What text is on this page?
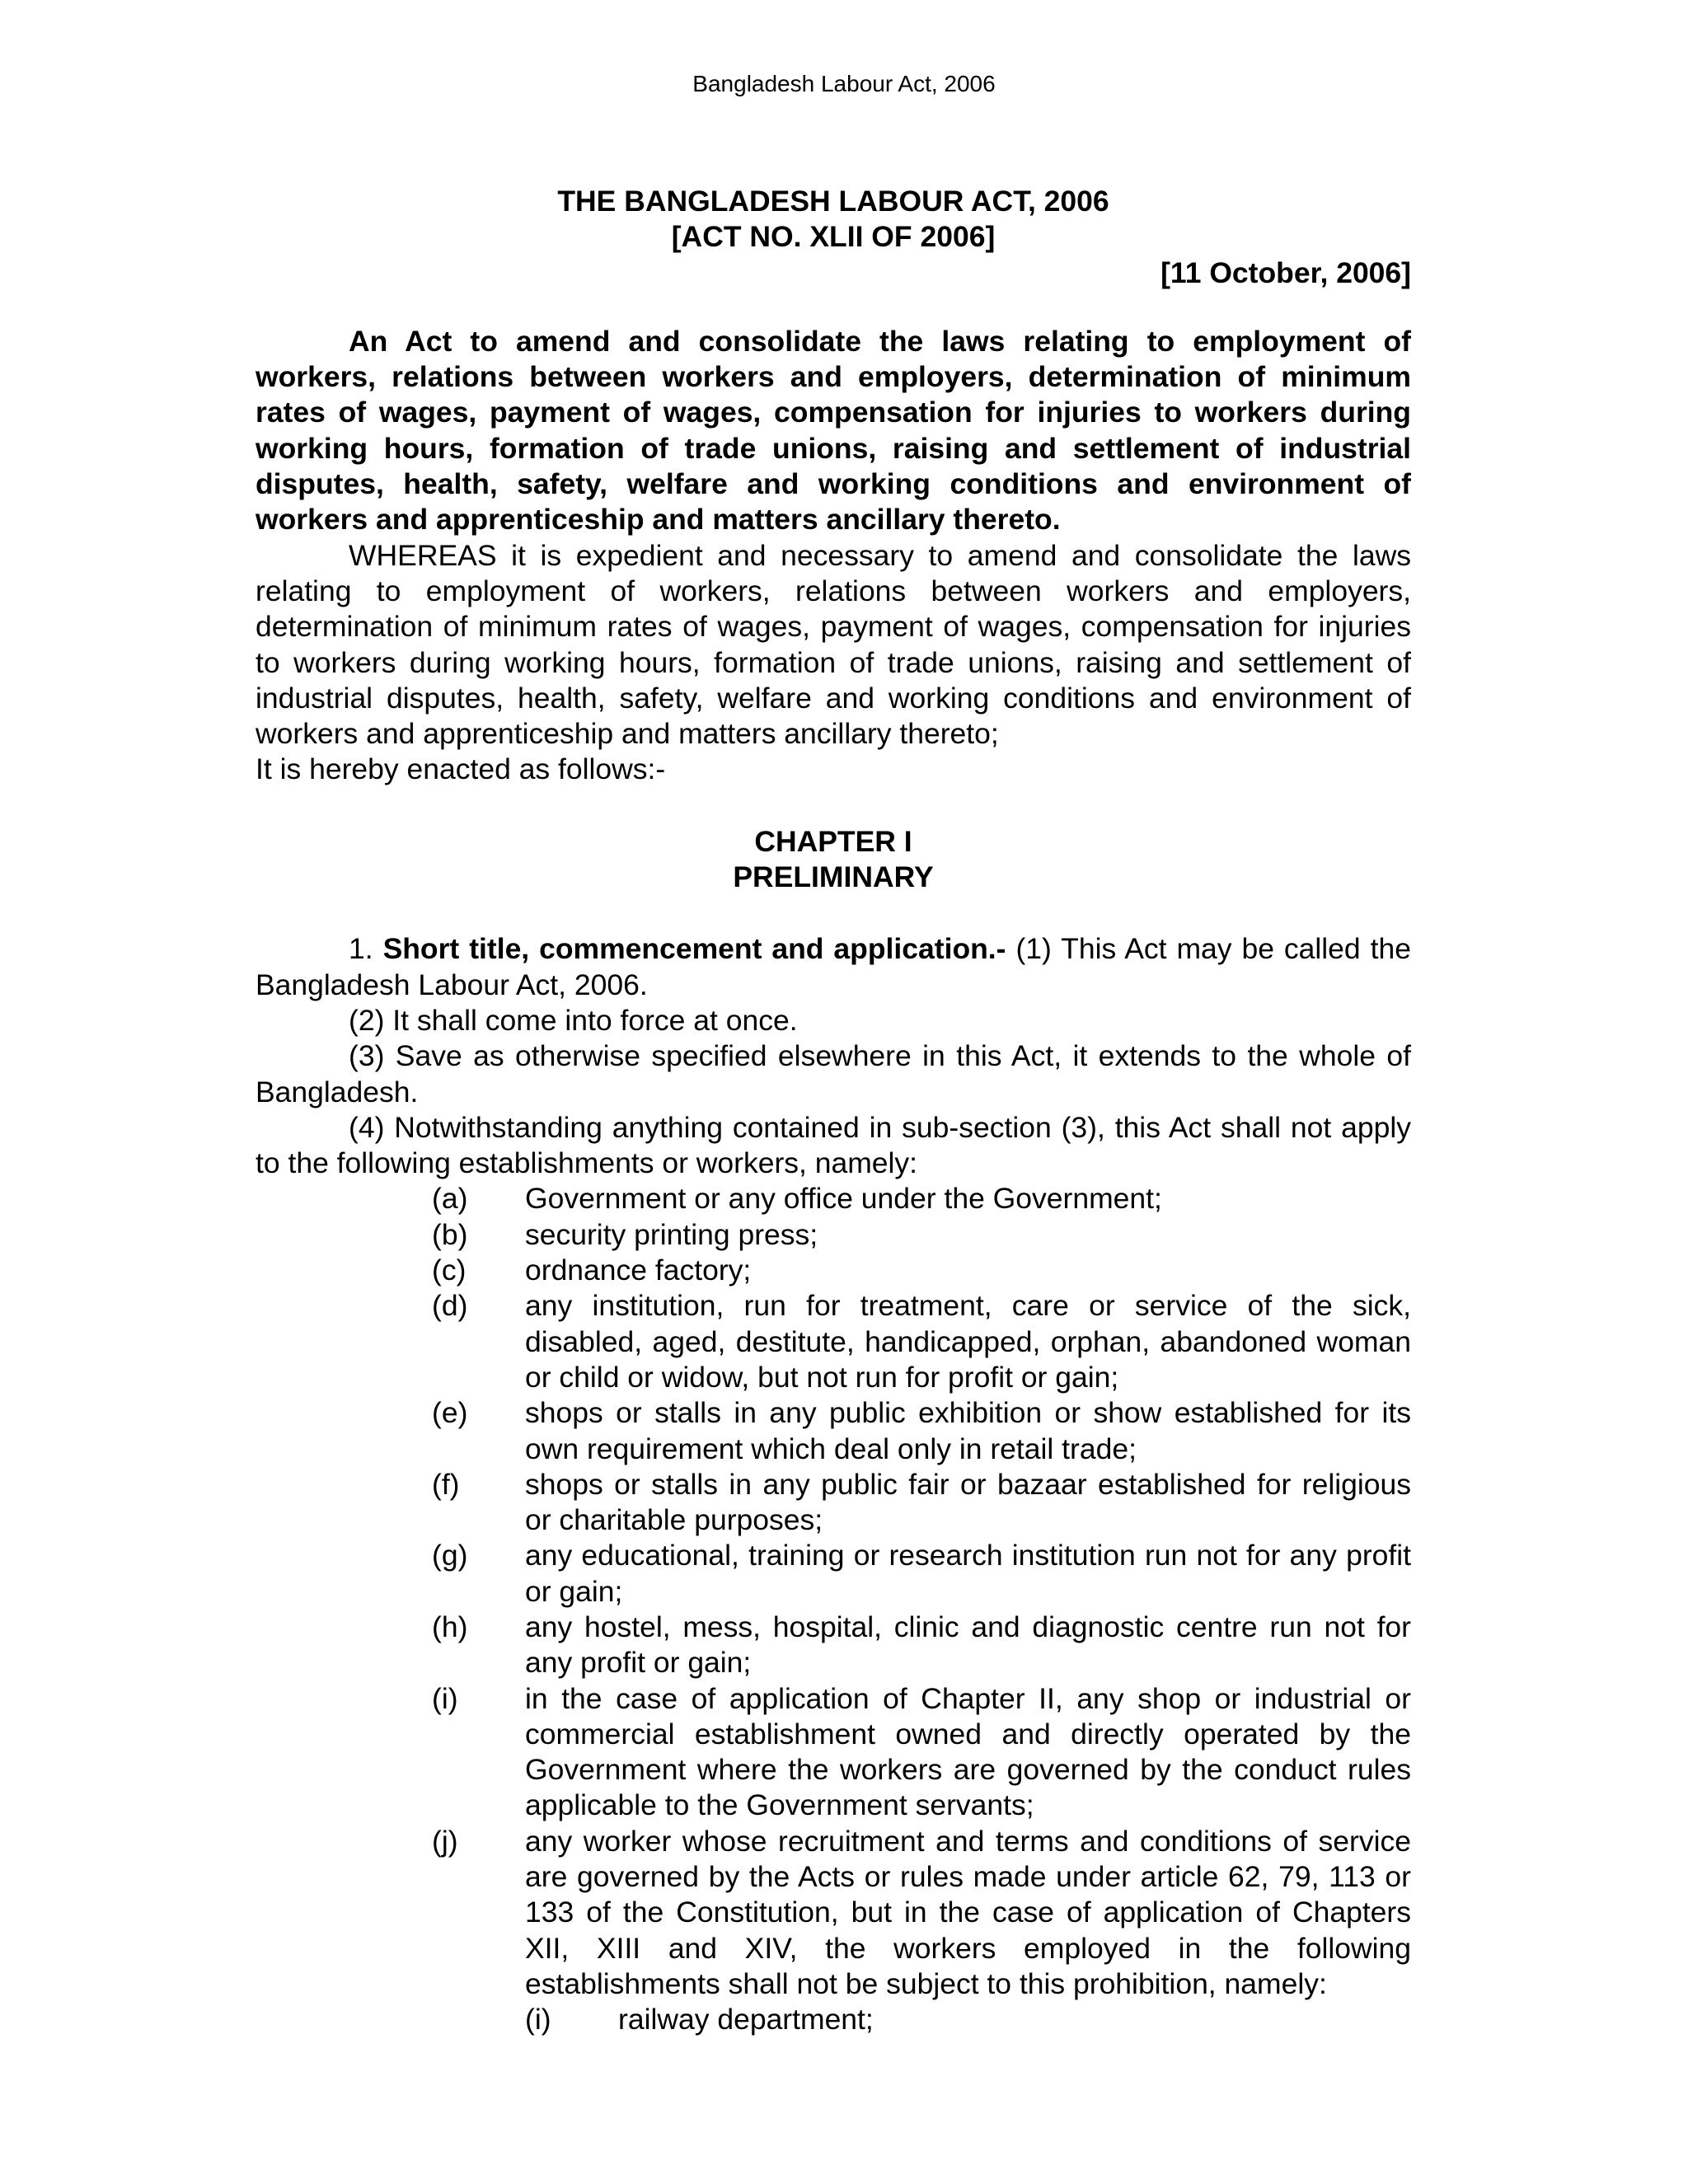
Bangladesh Labour Act, 2006

THE BANGLADESH LABOUR ACT, 2006

[ACT NO. XLII OF 2006]

[11 October, 2006]

An Act to amend and consolidate the laws relating to employment of workers, relations between workers and employers, determination of minimum rates of wages, payment of wages, compensation for injuries to workers during working hours, formation of trade unions, raising and settlement of industrial disputes, health, safety, welfare and working conditions and environment of workers and apprenticeship and matters ancillary thereto.

WHEREAS it is expedient and necessary to amend and consolidate the laws relating to employment of workers, relations between workers and employers, determination of minimum rates of wages, payment of wages, compensation for injuries to workers during working hours, formation of trade unions, raising and settlement of industrial disputes, health, safety, welfare and working conditions and environment of workers and apprenticeship and matters ancillary thereto;

It is hereby enacted as follows:-

CHAPTER I

PRELIMINARY

1. Short title, commencement and application.- (1) This Act may be called the Bangladesh Labour Act, 2006.

(2) It shall come into force at once.

(3) Save as otherwise specified elsewhere in this Act, it extends to the whole of Bangladesh.

(4) Notwithstanding anything contained in sub-section (3), this Act shall not apply to the following establishments or workers, namely:

(a)	Government or any office under the Government;
(b)	security printing press;
(c)	ordnance factory;
(d)	any institution, run for treatment, care or service of the sick, disabled, aged, destitute, handicapped, orphan, abandoned woman or child or widow, but not run for profit or gain;
(e)	shops or stalls in any public exhibition or show established for its own requirement which deal only in retail trade;
(f)	shops or stalls in any public fair or bazaar established for religious or charitable purposes;
(g)	any educational, training or research institution run not for any profit or gain;
(h)	any hostel, mess, hospital, clinic and diagnostic centre run not for any profit or gain;
(i)	in the case of application of Chapter II, any shop or industrial or commercial establishment owned and directly operated by the Government where the workers are governed by the conduct rules applicable to the Government servants;
(j)	any worker whose recruitment and terms and conditions of service are governed by the Acts or rules made under article 62, 79, 113 or 133 of the Constitution, but in the case of application of Chapters XII, XIII and XIV, the workers employed in the following establishments shall not be subject to this prohibition, namely:
(i)	railway department;
